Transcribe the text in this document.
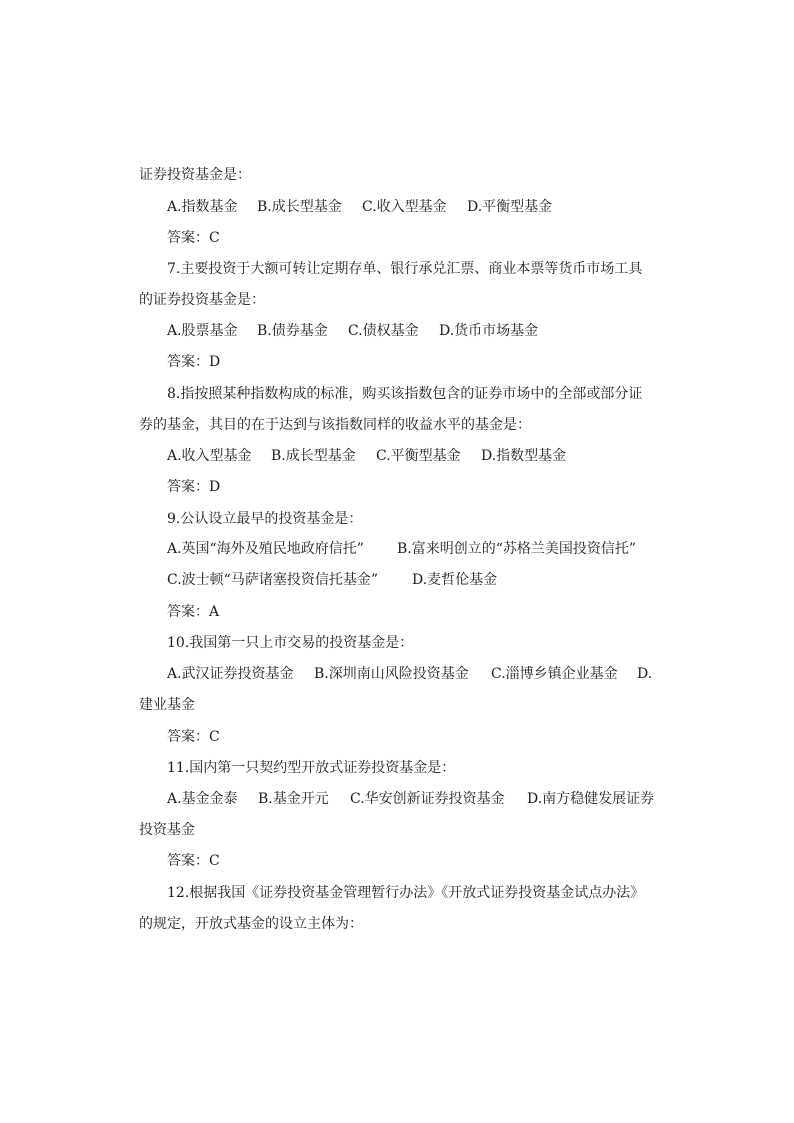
证券投资基金是：
A.指数基金 B.成长型基金 C.收入型基金 D.平衡型基金
答案：C
7.主要投资于大额可转让定期存单、银行承兑汇票、商业本票等货币市场工具
的证券投资基金是：
A.股票基金 B.债券基金 C.债权基金 D.货币市场基金
答案：D
8.指按照某种指数构成的标准，购买该指数包含的证券市场中的全部或部分证
券的基金，其目的在于达到与该指数同样的收益水平的基金是：
A.收入型基金 B.成长型基金 C.平衡型基金 D.指数型基金
答案：D
9.公认设立最早的投资基金是：
A.英国“海外及殖民地政府信托” B.富来明创立的“苏格兰美国投资信托”
C.波士顿“马萨诸塞投资信托基金” D.麦哲伦基金
答案：A
10.我国第一只上市交易的投资基金是：
A.武汉证券投资基金 B.深圳南山风险投资基金 C.淄博乡镇企业基金 D.
建业基金
答案：C
11.国内第一只契约型开放式证券投资基金是：
A.基金金泰 B.基金开元 C.华安创新证券投资基金 D.南方稳健发展证券
投资基金
答案：C
12.根据我国《证券投资基金管理暂行办法》《开放式证券投资基金试点办法》
的规定，开放式基金的设立主体为：
